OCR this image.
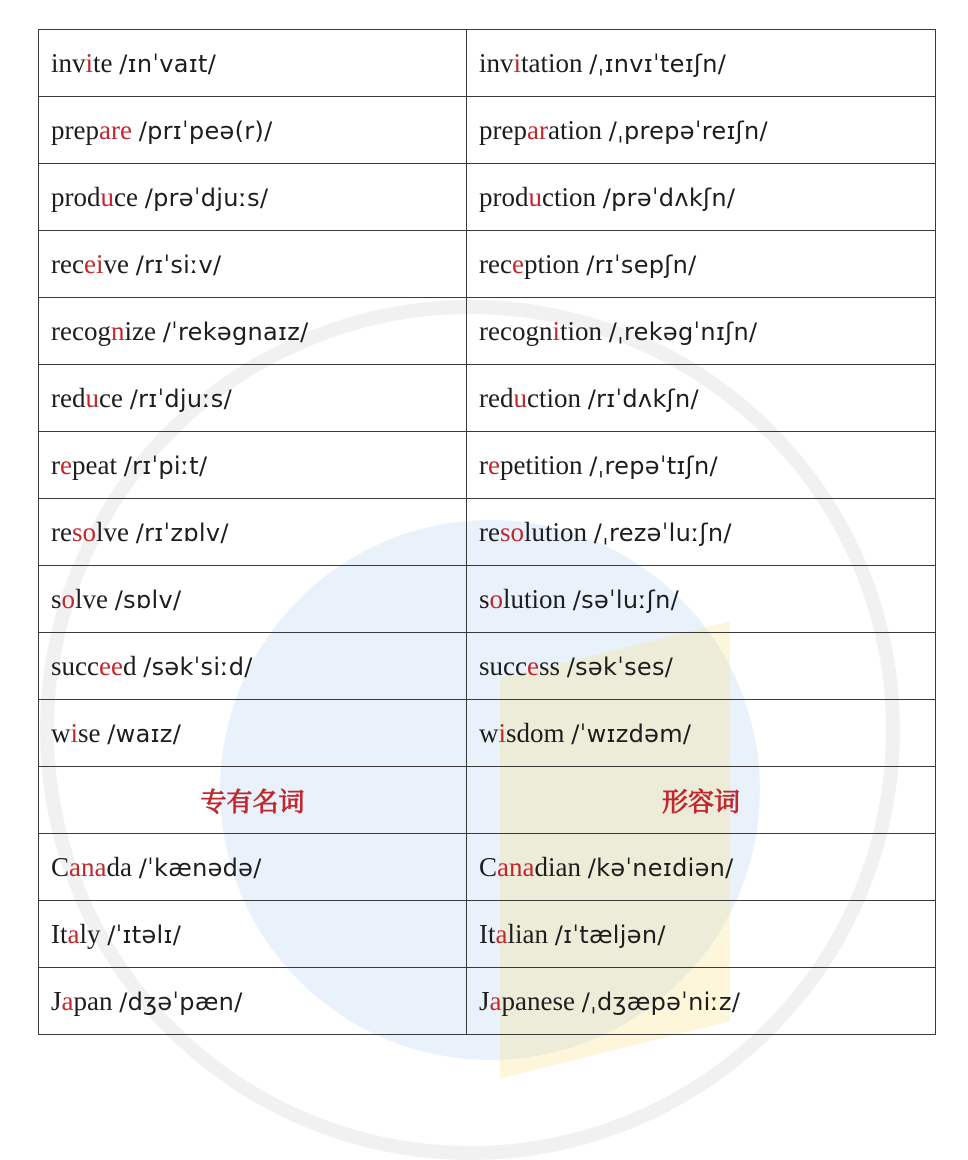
invite /ɪnˈvaɪt/	invitation /ˌɪnvɪˈteɪʃn/
prepare /prɪˈpeə(r)/	preparation /ˌprepəˈreɪʃn/
produce /prəˈdjuːs/	production /prəˈdʌkʃn/
receive /rɪˈsiːv/	reception /rɪˈsepʃn/
recognize /ˈrekəgnaɪz/	recognition /ˌrekəgˈnɪʃn/
reduce /rɪˈdjuːs/	reduction /rɪˈdʌkʃn/
repeat /rɪˈpiːt/	repetition /ˌrepəˈtɪʃn/
resolve /rɪˈzɒlv/	resolution /ˌrezəˈluːʃn/
solve /sɒlv/	solution /səˈluːʃn/
succeed /səkˈsiːd/	success /səkˈses/
wise /waɪz/	wisdom /ˈwɪzdəm/
专有名词	形容词
Canada /ˈkænədə/	Canadian /kəˈneɪdiən/
Italy /ˈɪtəlɪ/	Italian /ɪˈtæljən/
Japan /dʒəˈpæn/	Japanese /ˌdʒæpəˈniːz/
